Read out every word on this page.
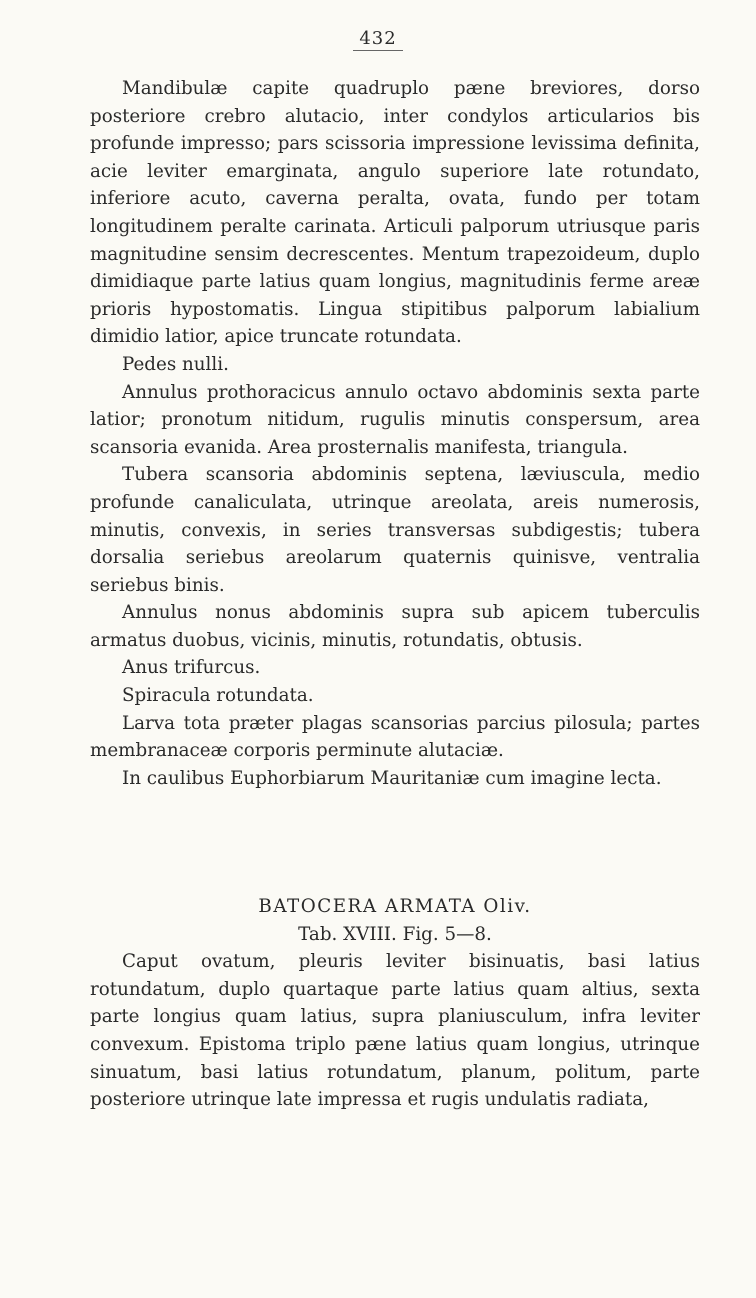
432

Mandibulæ capite quadruplo pæne breviores, dorso posteriore crebro alutacio, inter condylos articularios bis profunde impresso; pars scissoria impressione levissima definita, acie leviter emarginata, angulo superiore late rotundato, inferiore acuto, caverna peralta, ovata, fundo per totam longitudinem peralte carinata. Articuli palporum utriusque paris magnitudine sensim decrescentes. Mentum trapezoideum, duplo dimidiaque parte latius quam longius, magnitudinis ferme areæ prioris hypostomatis. Lingua stipitibus palporum labialium dimidio latior, apice truncate rotundata.

Pedes nulli.

Annulus prothoracicus annulo octavo abdominis sexta parte latior; pronotum nitidum, rugulis minutis conspersum, area scansoria evanida. Area prosternalis manifesta, triangula.

Tubera scansoria abdominis septena, læviuscula, medio profunde canaliculata, utrinque areolata, areis numerosis, minutis, convexis, in series transversas subdigestis; tubera dorsalia seriebus areolarum quaternis quinisve, ventralia seriebus binis.

Annulus nonus abdominis supra sub apicem tuberculis armatus duobus, vicinis, minutis, rotundatis, obtusis.

Anus trifurcus.

Spiracula rotundata.

Larva tota præter plagas scansorias parcius pilosula; partes membranaceæ corporis perminute alutaciæ.

In caulibus Euphorbiarum Mauritaniæ cum imagine lecta.

BATOCERA ARMATA Oliv.

Tab. XVIII. Fig. 5—8.

Caput ovatum, pleuris leviter bisinuatis, basi latius rotundatum, duplo quartaque parte latius quam altius, sexta parte longius quam latius, supra planiusculum, infra leviter convexum. Epistoma triplo pæne latius quam longius, utrinque sinuatum, basi latius rotundatum, planum, politum, parte posteriore utrinque late impressa et rugis undulatis radiata,
